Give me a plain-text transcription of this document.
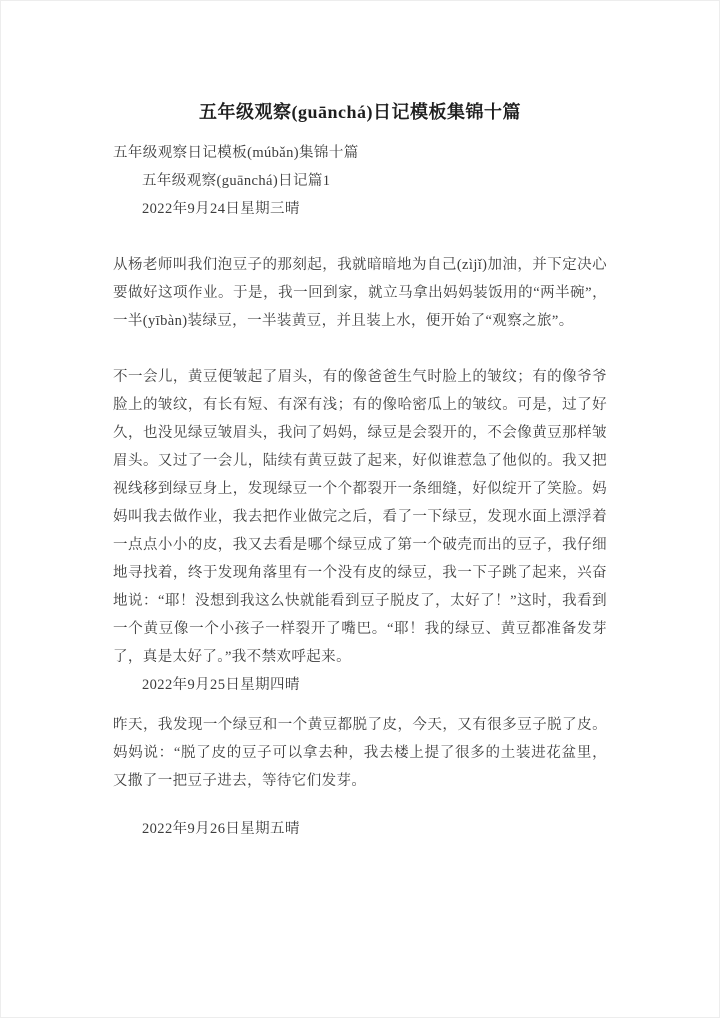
五年级观察(guānchá)日记模板集锦十篇

五年级观察日记模板(múbǎn)集锦十篇

五年级观察(guānchá)日记篇1

2022年9月24日星期三晴

从杨老师叫我们泡豆子的那刻起，我就暗暗地为自己(zìjǐ)加油，并下定决心要做好这项作业。于是，我一回到家，就立马拿出妈妈装饭用的“两半碗”，一半(yībàn)装绿豆，一半装黄豆，并且装上水，便开始了“观察之旅”。

不一会儿，黄豆便皱起了眉头，有的像爸爸生气时脸上的皱纹；有的像爷爷脸上的皱纹，有长有短、有深有浅；有的像哈密瓜上的皱纹。可是，过了好久，也没见绿豆皱眉头，我问了妈妈，绿豆是会裂开的，不会像黄豆那样皱眉头。又过了一会儿，陆续有黄豆鼓了起来，好似谁惹急了他似的。我又把视线移到绿豆身上，发现绿豆一个个都裂开一条细缝，好似绽开了笑脸。妈妈叫我去做作业，我去把作业做完之后，看了一下绿豆，发现水面上漂浮着一点点小小的皮，我又去看是哪个绿豆成了第一个破壳而出的豆子，我仔细地寻找着，终于发现角落里有一个没有皮的绿豆，我一下子跳了起来，兴奋地说：“耶！没想到我这么快就能看到豆子脱皮了，太好了！”这时，我看到一个黄豆像一个小孩子一样裂开了嘴巴。“耶！我的绿豆、黄豆都准备发芽了，真是太好了。”我不禁欢呼起来。

2022年9月25日星期四晴

昨天，我发现一个绿豆和一个黄豆都脱了皮，今天，又有很多豆子脱了皮。妈妈说：“脱了皮的豆子可以拿去种，我去楼上提了很多的土装进花盆里，又撒了一把豆子进去，等待它们发芽。

2022年9月26日星期五晴
